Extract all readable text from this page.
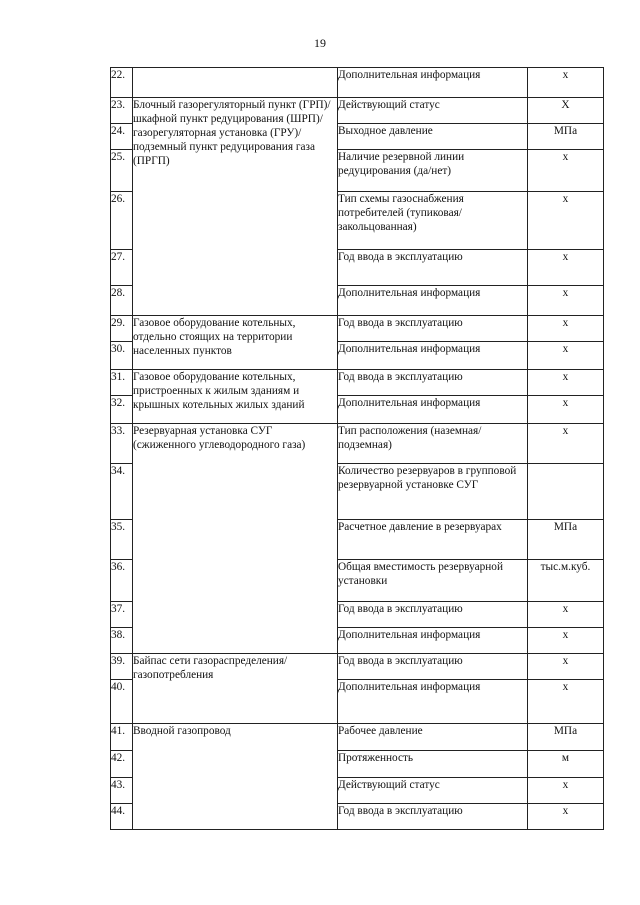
19
22.		Дополнительная информация	х
23.	Блочный газорегуляторный пункт (ГРП)/шкафной пункт редуцирования (ШРП)/газорегуляторная установка (ГРУ)/подземный пункт редуцирования газа (ПРГП)	Действующий статус	Х
24.		Выходное давление	МПа
25.		Наличие резервной линии редуцирования (да/нет)	х
26.		Тип схемы газоснабжения потребителей (тупиковая/закольцованная)	х
27.		Год ввода в эксплуатацию	х
28.		Дополнительная информация	х
29.	Газовое оборудование котельных, отдельно стоящих на территории населенных пунктов	Год ввода в эксплуатацию	х
30.		Дополнительная информация	х
31.	Газовое оборудование котельных, пристроенных к жилым зданиям и крышных котельных жилых зданий	Год ввода в эксплуатацию	х
32.		Дополнительная информация	х
33.	Резервуарная установка СУГ (сжиженного углеводородного газа)	Тип расположения (наземная/подземная)	х
34.		Количество резервуаров в групповой резервуарной установке СУГ	
35.		Расчетное давление в резервуарах	МПа
36.		Общая вместимость резервуарной установки	тыс.м.куб.
37.		Год ввода в эксплуатацию	х
38.		Дополнительная информация	х
39.	Байпас сети газораспределения/газопотребления	Год ввода в эксплуатацию	х
40.		Дополнительная информация	х
41.	Вводной газопровод	Рабочее давление	МПа
42.		Протяженность	м
43.		Действующий статус	х
44.		Год ввода в эксплуатацию	х
